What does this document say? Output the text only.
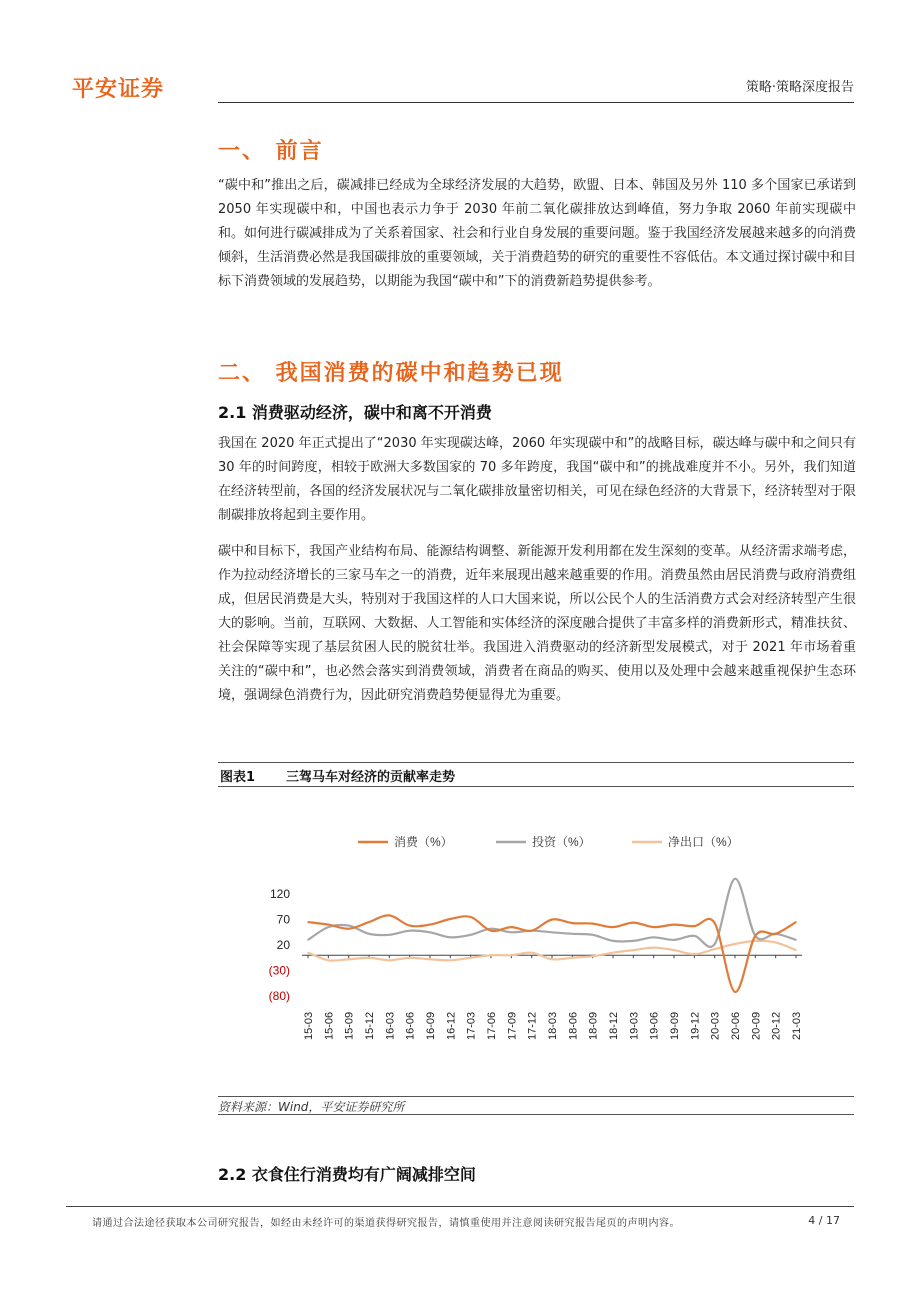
平安证券	策略·策略深度报告
一、 前言

“碳中和”推出之后，碳减排已经成为全球经济发展的大趋势，欧盟、日本、韩国及另外 110 多个国家已承诺到 2050 年实现碳中和，中国也表示力争于 2030 年前二氧化碳排放达到峰值，努力争取 2060 年前实现碳中和。如何进行碳减排成为了关系着国家、社会和行业自身发展的重要问题。鉴于我国经济发展越来越多的向消费倾斜，生活消费必然是我国碳排放的重要领域，关于消费趋势的研究的重要性不容低估。本文通过探讨碳中和目标下消费领域的发展趋势，以期能为我国“碳中和”下的消费新趋势提供参考。

二、 我国消费的碳中和趋势已现
2.1 消费驱动经济，碳中和离不开消费

我国在 2020 年正式提出了“2030 年实现碳达峰，2060 年实现碳中和”的战略目标，碳达峰与碳中和之间只有 30 年的时间跨度，相较于欧洲大多数国家的 70 多年跨度，我国“碳中和”的挑战难度并不小。另外，我们知道在经济转型前，各国的经济发展状况与二氧化碳排放量密切相关，可见在绿色经济的大背景下，经济转型对于限制碳排放将起到主要作用。

碳中和目标下，我国产业结构布局、能源结构调整、新能源开发利用都在发生深刻的变革。从经济需求端考虑，作为拉动经济增长的三家马车之一的消费，近年来展现出越来越重要的作用。消费虽然由居民消费与政府消费组成，但居民消费是大头，特别对于我国这样的人口大国来说，所以公民个人的生活消费方式会对经济转型产生很大的影响。当前，互联网、大数据、人工智能和实体经济的深度融合提供了丰富多样的消费新形式，精准扶贫、社会保障等实现了基层贫困人民的脱贫壮举。我国进入消费驱动的经济新型发展模式，对于 2021 年市场着重关注的“碳中和”，也必然会落实到消费领域，消费者在商品的购买、使用以及处理中会越来越重视保护生态环境，强调绿色消费行为，因此研究消费趋势便显得尤为重要。

图表1 三驾马车对经济的贡献率走势
消费（%）	投资（%）	净出口（%）
120
70
20
(30)
(80)
15-03 15-06 15-09 15-12 16-03 16-06 16-09 16-12 17-03 17-06 17-09 17-12 18-03 18-06 18-09 18-12 19-03 19-06 19-09 19-12 20-03 20-06 20-09 20-12 21-03
资料来源：Wind，平安证券研究所
2.2 衣食住行消费均有广阔减排空间
请通过合法途径获取本公司研究报告，如经由未经许可的渠道获得研究报告，请慎重使用并注意阅读研究报告尾页的声明内容。	4 / 17
